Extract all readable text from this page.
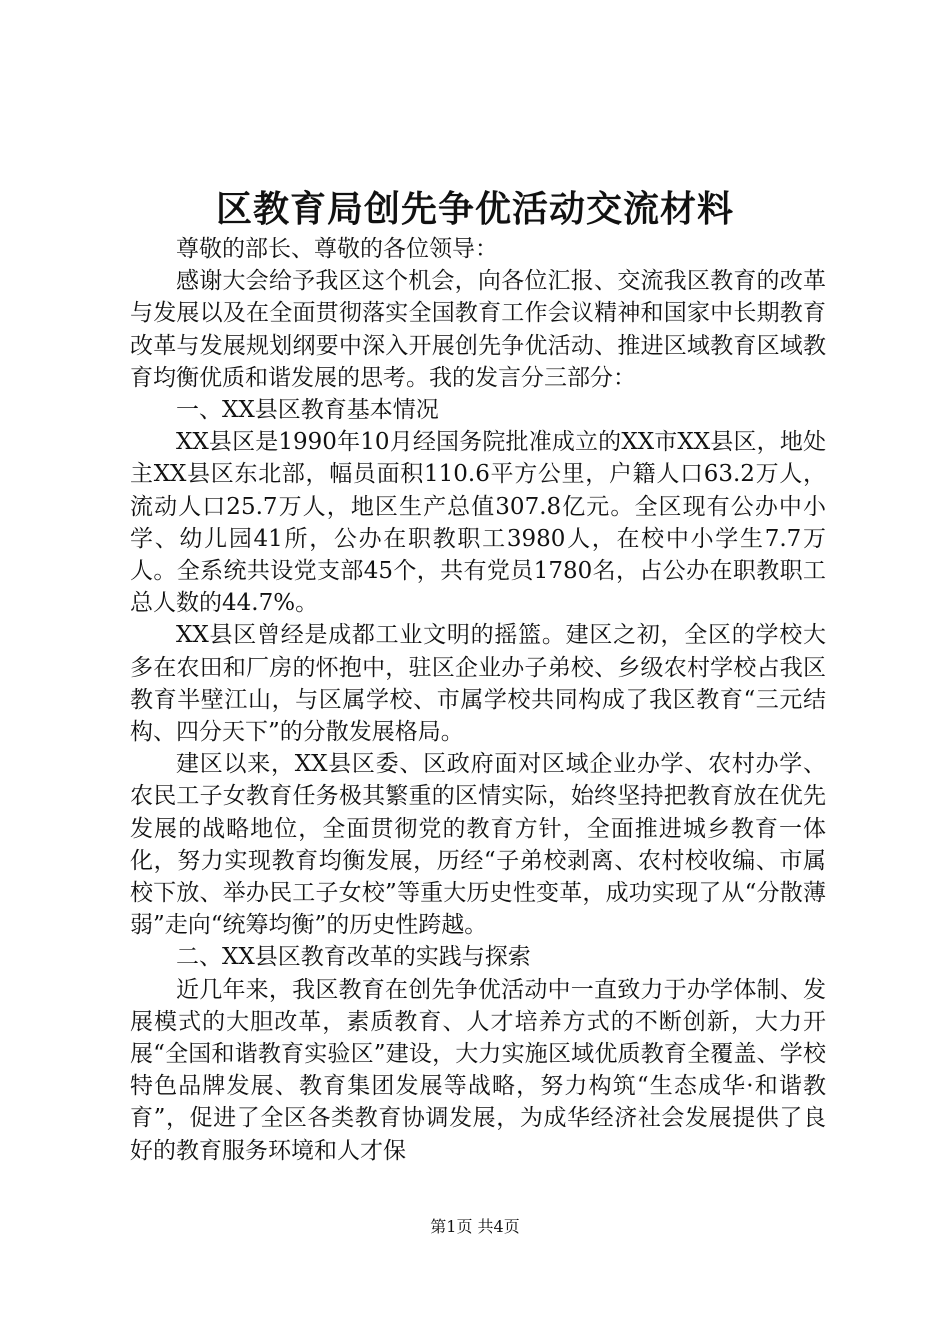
区教育局创先争优活动交流材料

尊敬的部长、尊敬的各位领导：

感谢大会给予我区这个机会，向各位汇报、交流我区教育的改革与发展以及在全面贯彻落实全国教育工作会议精神和国家中长期教育改革与发展规划纲要中深入开展创先争优活动、推进区域教育区域教育均衡优质和谐发展的思考。我的发言分三部分：

一、XX县区教育基本情况

XX县区是1990年10月经国务院批准成立的XX市XX县区，地处主XX县区东北部，幅员面积110.6平方公里，户籍人口63.2万人，流动人口25.7万人，地区生产总值307.8亿元。全区现有公办中小学、幼儿园41所，公办在职教职工3980人，在校中小学生7.7万人。全系统共设党支部45个，共有党员1780名，占公办在职教职工总人数的44.7%。

XX县区曾经是成都工业文明的摇篮。建区之初，全区的学校大多在农田和厂房的怀抱中，驻区企业办子弟校、乡级农村学校占我区教育半壁江山，与区属学校、市属学校共同构成了我区教育“三元结构、四分天下”的分散发展格局。

建区以来，XX县区委、区政府面对区域企业办学、农村办学、农民工子女教育任务极其繁重的区情实际，始终坚持把教育放在优先发展的战略地位，全面贯彻党的教育方针，全面推进城乡教育一体化，努力实现教育均衡发展，历经“子弟校剥离、农村校收编、市属校下放、举办民工子女校”等重大历史性变革，成功实现了从“分散薄弱”走向“统筹均衡”的历史性跨越。

二、XX县区教育改革的实践与探索

近几年来，我区教育在创先争优活动中一直致力于办学体制、发展模式的大胆改革，素质教育、人才培养方式的不断创新，大力开展“全国和谐教育实验区”建设，大力实施区域优质教育全覆盖、学校特色品牌发展、教育集团发展等战略，努力构筑“生态成华·和谐教育”，促进了全区各类教育协调发展，为成华经济社会发展提供了良好的教育服务环境和人才保

第1页 共4页
